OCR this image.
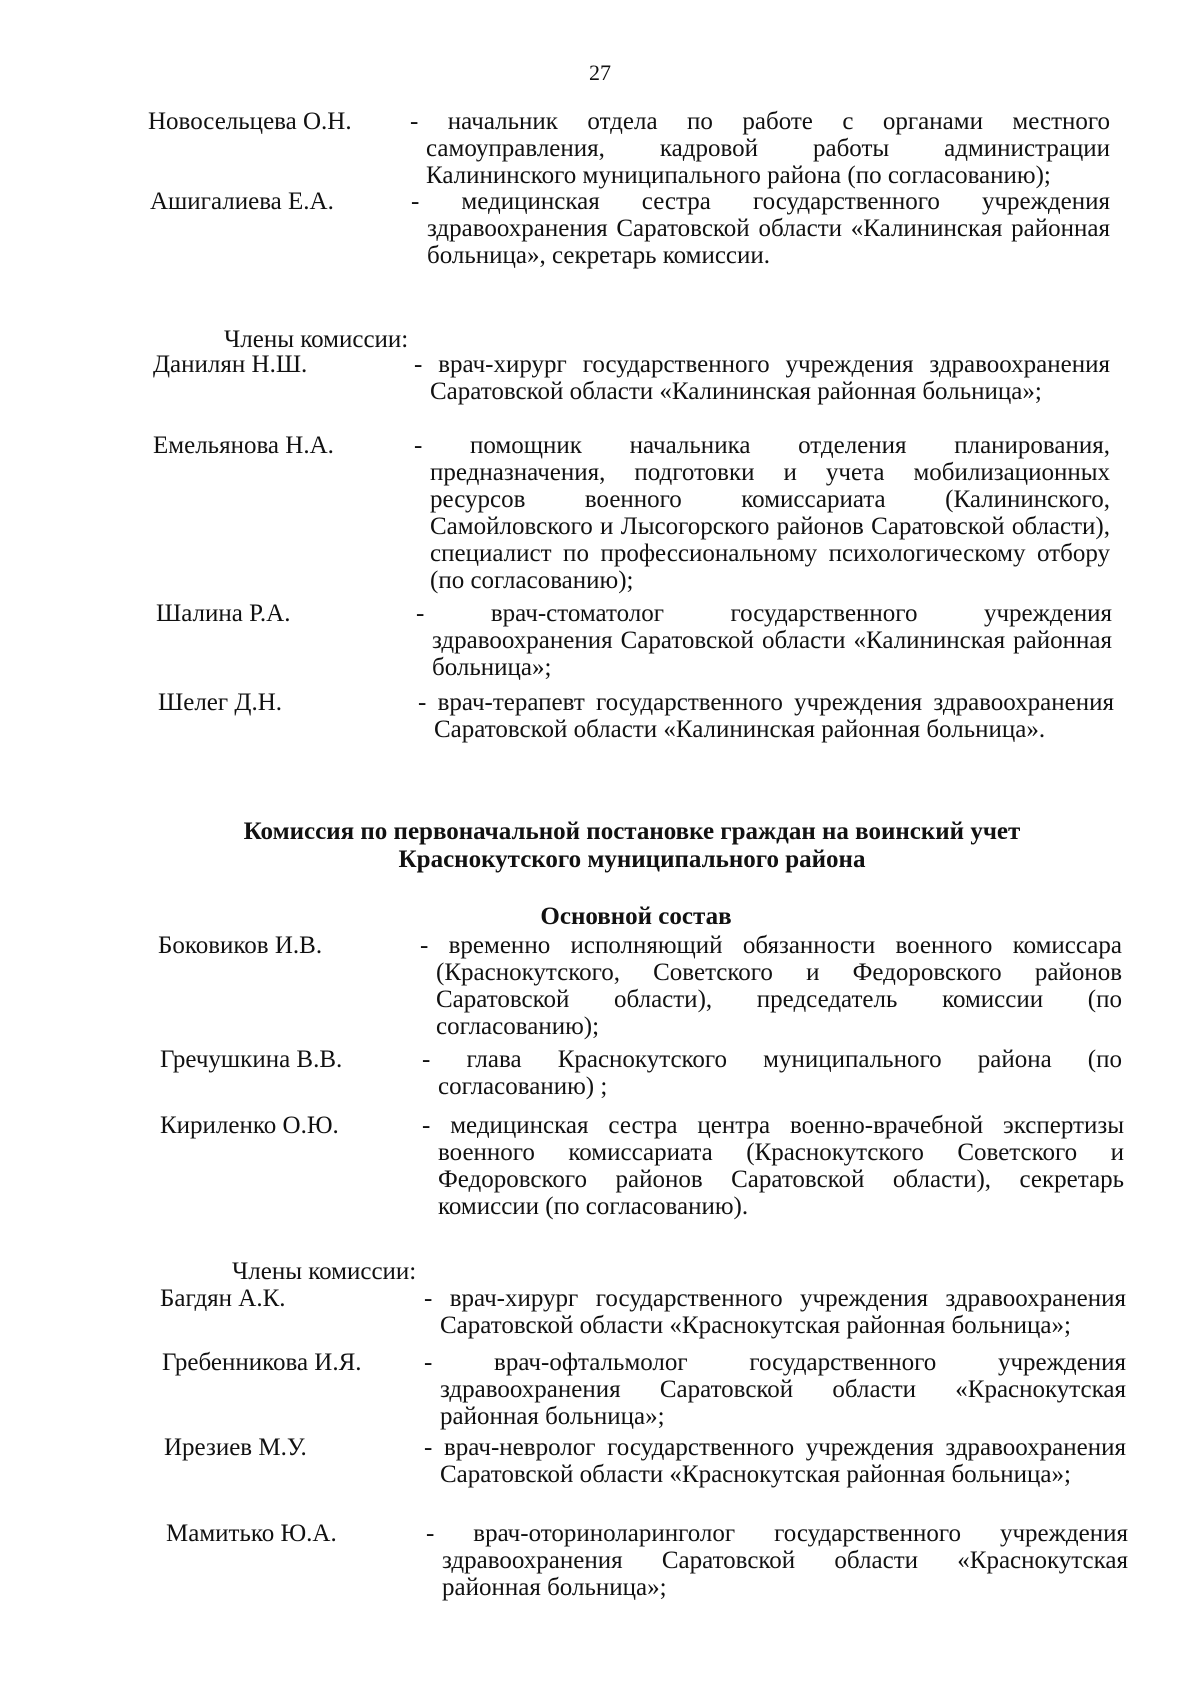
27
Новосельцева О.Н.	- начальник отдела по работе с органами местного самоуправления, кадровой работы администрации Калининского муниципального района (по согласованию);
Ашигалиева Е.А.	- медицинская сестра государственного учреждения здравоохранения Саратовской области «Калининская районная больница», секретарь комиссии.
Члены комиссии:
Данилян Н.Ш.	- врач-хирург государственного учреждения здравоохранения Саратовской области «Калининская районная больница»;
Емельянова Н.А.	- помощник начальника отделения планирования, предназначения, подготовки и учета мобилизационных ресурсов военного комиссариата (Калининского, Самойловского и Лысогорского районов Саратовской области), специалист по профессиональному психологическому отбору (по согласованию);
Шалина Р.А.	- врач-стоматолог государственного учреждения здравоохранения Саратовской области «Калининская районная больница»;
Шелег Д.Н.	- врач-терапевт государственного учреждения здравоохранения Саратовской области «Калининская районная больница».
Комиссия по первоначальной постановке граждан на воинский учет
Краснокутского муниципального района
Основной состав
Боковиков И.В.	- временно исполняющий обязанности военного комиссара (Краснокутского, Советского и Федоровского районов Саратовской области), председатель комиссии (по согласованию);
Гречушкина В.В.	- глава Краснокутского муниципального района (по согласованию) ;
Кириленко О.Ю.	- медицинская сестра центра военно-врачебной экспертизы военного комиссариата (Краснокутского Советского и Федоровского районов Саратовской области), секретарь комиссии (по согласованию).
Члены комиссии:
Багдян А.К.	- врач-хирург государственного учреждения здравоохранения Саратовской области «Краснокутская районная больница»;
Гребенникова И.Я.	- врач-офтальмолог государственного учреждения здравоохранения Саратовской области «Краснокутская районная больница»;
Ирезиев М.У.	- врач-невролог государственного учреждения здравоохранения Саратовской области «Краснокутская районная больница»;
Мамитько Ю.А.	- врач-оториноларинголог государственного учреждения здравоохранения Саратовской области «Краснокутская районная больница»;
